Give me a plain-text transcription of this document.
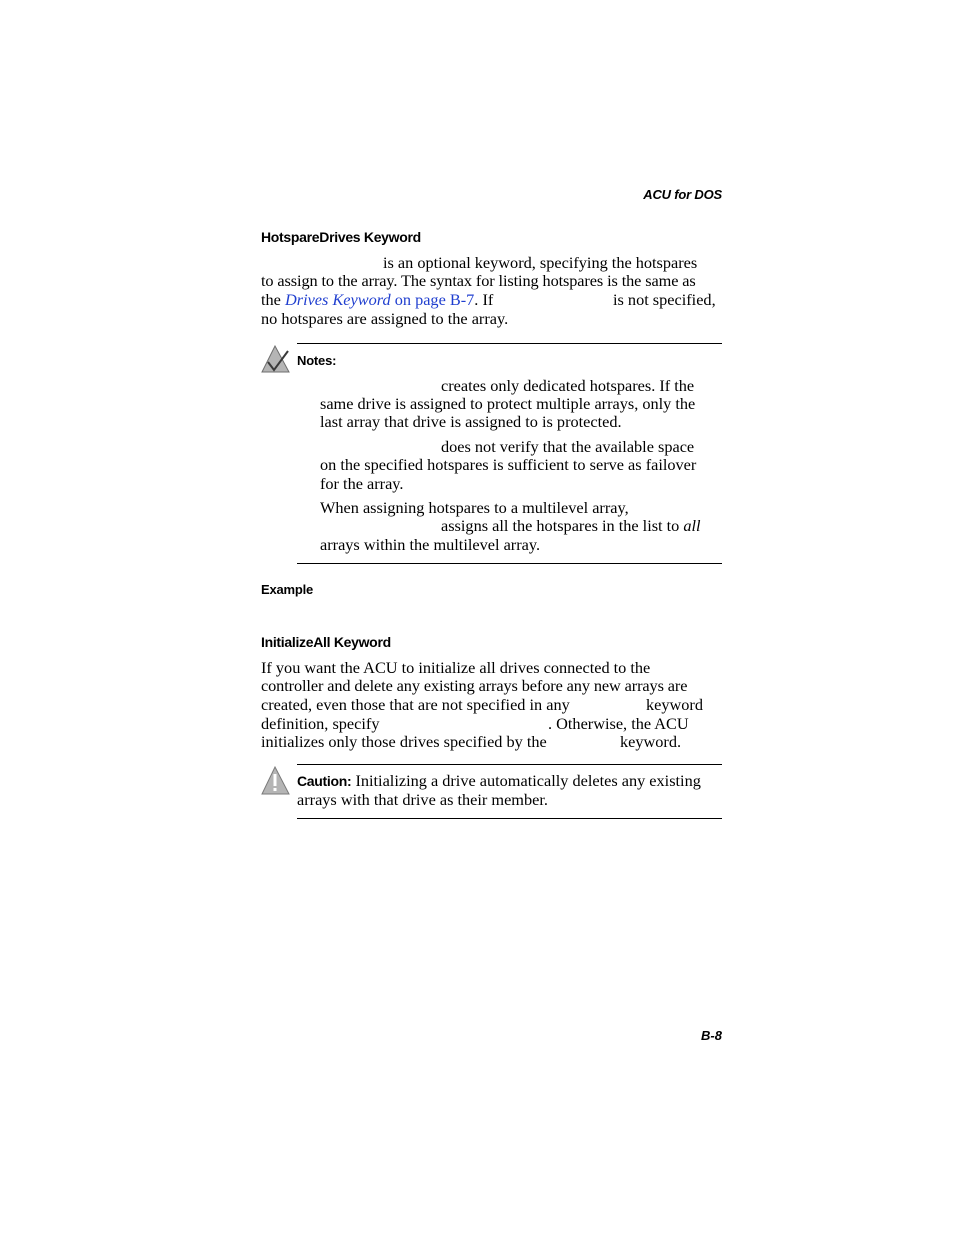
ACU for DOS
HotspareDrives Keyword
is an optional keyword, specifying the hotspares
to assign to the array. The syntax for listing hotspares is the same as
the Drives Keyword on page B-7. If	is not specified,
no hotspares are assigned to the array.
Notes:
creates only dedicated hotspares. If the
same drive is assigned to protect multiple arrays, only the
last array that drive is assigned to is protected.
does not verify that the available space
on the specified hotspares is sufficient to serve as failover
for the array.
When assigning hotspares to a multilevel array,
assigns all the hotspares in the list to all
arrays within the multilevel array.
Example
InitializeAll Keyword
If you want the ACU to initialize all drives connected to the
controller and delete any existing arrays before any new arrays are
created, even those that are not specified in any	keyword
definition, specify	. Otherwise, the ACU
initializes only those drives specified by the	keyword.
Caution: Initializing a drive automatically deletes any existing
arrays with that drive as their member.
B-8
